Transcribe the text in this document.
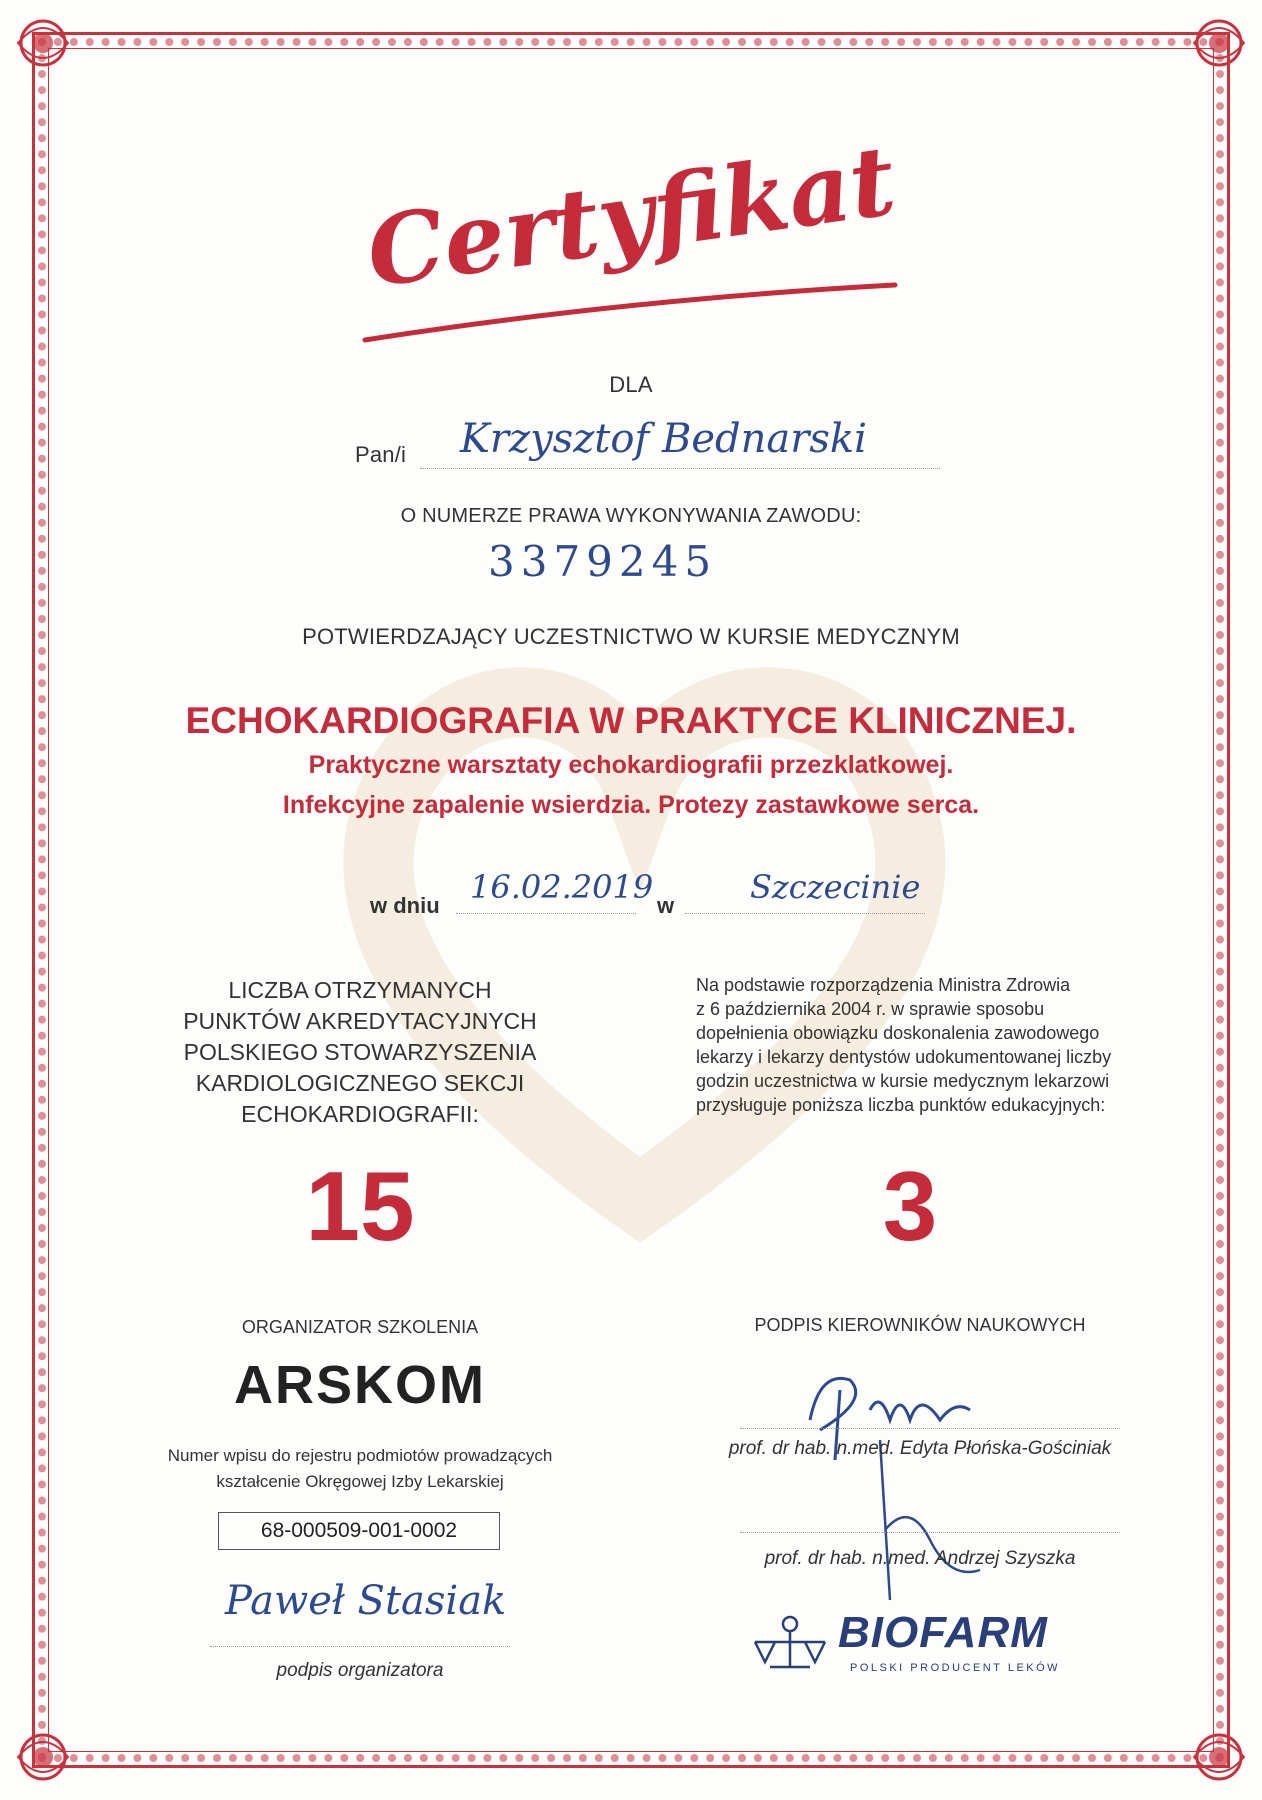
Certyfikat
DLA
Pan/i Krzysztof Bednarski
O NUMERZE PRAWA WYKONYWANIA ZAWODU:
3379245
POTWIERDZAJĄCY UCZESTNICTWO W KURSIE MEDYCZNYM
ECHOKARDIOGRAFIA W PRAKTYCE KLINICZNEJ.
Praktyczne warsztaty echokardiografii przezklatkowej.
Infekcyjne zapalenie wsierdzia. Protezy zastawkowe serca.
w dniu 16.02.2019 w Szczecinie
LICZBA OTRZYMANYCH
PUNKTÓW AKREDYTACYJNYCH
POLSKIEGO STOWARZYSZENIA
KARDIOLOGICZNEGO SEKCJI
ECHOKARDIOGRAFII:
15
Na podstawie rozporządzenia Ministra Zdrowia
z 6 października 2004 r. w sprawie sposobu
dopełnienia obowiązku doskonalenia zawodowego
lekarzy i lekarzy dentystów udokumentowanej liczby
godzin uczestnictwa w kursie medycznym lekarzowi
przysługuje poniższa liczba punktów edukacyjnych:
3
ORGANIZATOR SZKOLENIA
ARSKOM
Numer wpisu do rejestru podmiotów prowadzących
kształcenie Okręgowej Izby Lekarskiej
68-000509-001-0002
Paweł Stasiak
podpis organizatora
PODPIS KIEROWNIKÓW NAUKOWYCH
prof. dr hab. n.med. Edyta Płońska-Gościniak
prof. dr hab. n.med. Andrzej Szyszka
BIOFARM
POLSKI PRODUCENT LEKÓW
